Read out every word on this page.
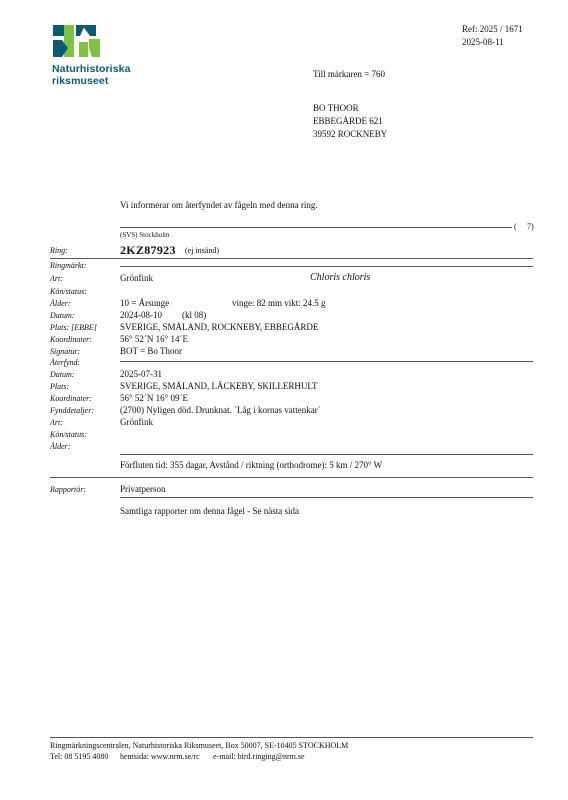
Naturhistoriska
riksmuseet
Ref: 2025 / 1671
2025-08-11
Till märkaren = 760
BO THOOR
EBBEGÅRDE 621
39592 ROCKNEBY
Vi informerar om återfyndet av fågeln med denna ring.
( 7)
(SVS) Stockholm
Ring:	2KZ87923 (ej insänd)
Ringmärkt:
Art:	Grönfink	Chloris chloris
Kön/status:
Ålder:	10 = Årsunge	vinge: 82 mm vikt: 24.5 g
Datum:	2024-08-10 (kl 08)
Plats: [EBBE]	SVERIGE, SMÅLAND, ROCKNEBY, EBBEGÅRDE
Koordinater:	56° 52´N 16° 14´E
Signatur:	BOT = Bo Thoor
Återfynd:
Datum:	2025-07-31
Plats:	SVERIGE, SMÅLAND, LÄCKEBY, SKILLERHULT
Koordinater:	56° 52´N 16° 09´E
Fynddetaljer:	(2700) Nyligen död. Drunknat. `Låg i kornas vattenkar´
Art:	Grönfink
Kön/status:
Ålder:
Förfluten tid: 355 dagar, Avstånd / riktning (orthodrome): 5 km / 270° W
Rapportör:	Privatperson
Samtliga rapporter om denna fågel - Se nästa sida
Ringmärkningscentralen, Naturhistoriska Riksmuseet, Box 50007, SE-10405 STOCKHOLM
Tel: 08 5195 4080 hemsida: www.nrm.se/rc e-mail: bird.ringing@nrm.se
